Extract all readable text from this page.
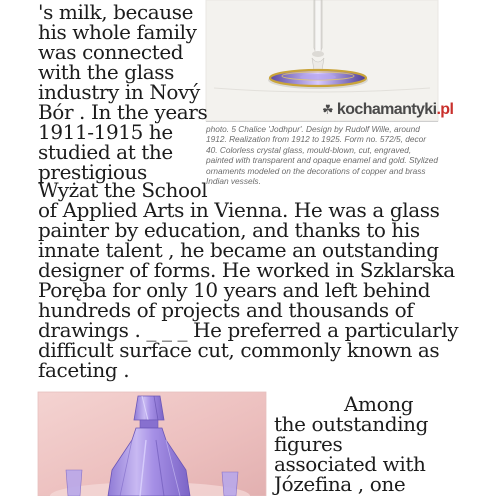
☘ kochamantyki.pl

photo. 5 Chalice 'Jodhpur'. Design by Rudolf Wille, around 1912. Realization from 1912 to 1925. Form no. 572/5, decor 40. Colorless crystal glass, mould-blown, cut, engraved, painted with transparent and opaque enamel and gold. Stylized ornaments modeled on the decorations of copper and brass Indian vessels.

's milk, because

his whole family

was connected

with the glass

industry in Nový

Bór . In the years

1911-1915 he

studied at the

prestigious

Wyżat the School

of Applied Arts in Vienna. He was a glass

painter by education, and thanks to his

innate talent , he became an outstanding

designer of forms. He worked in Szklarska

Poręba for only 10 years and left behind

hundreds of projects and thousands of

drawings . _ _ _ He preferred a particularly

difficult surface cut, commonly known as

faceting .

Among

the outstanding

figures

associated with

Józefina , one
